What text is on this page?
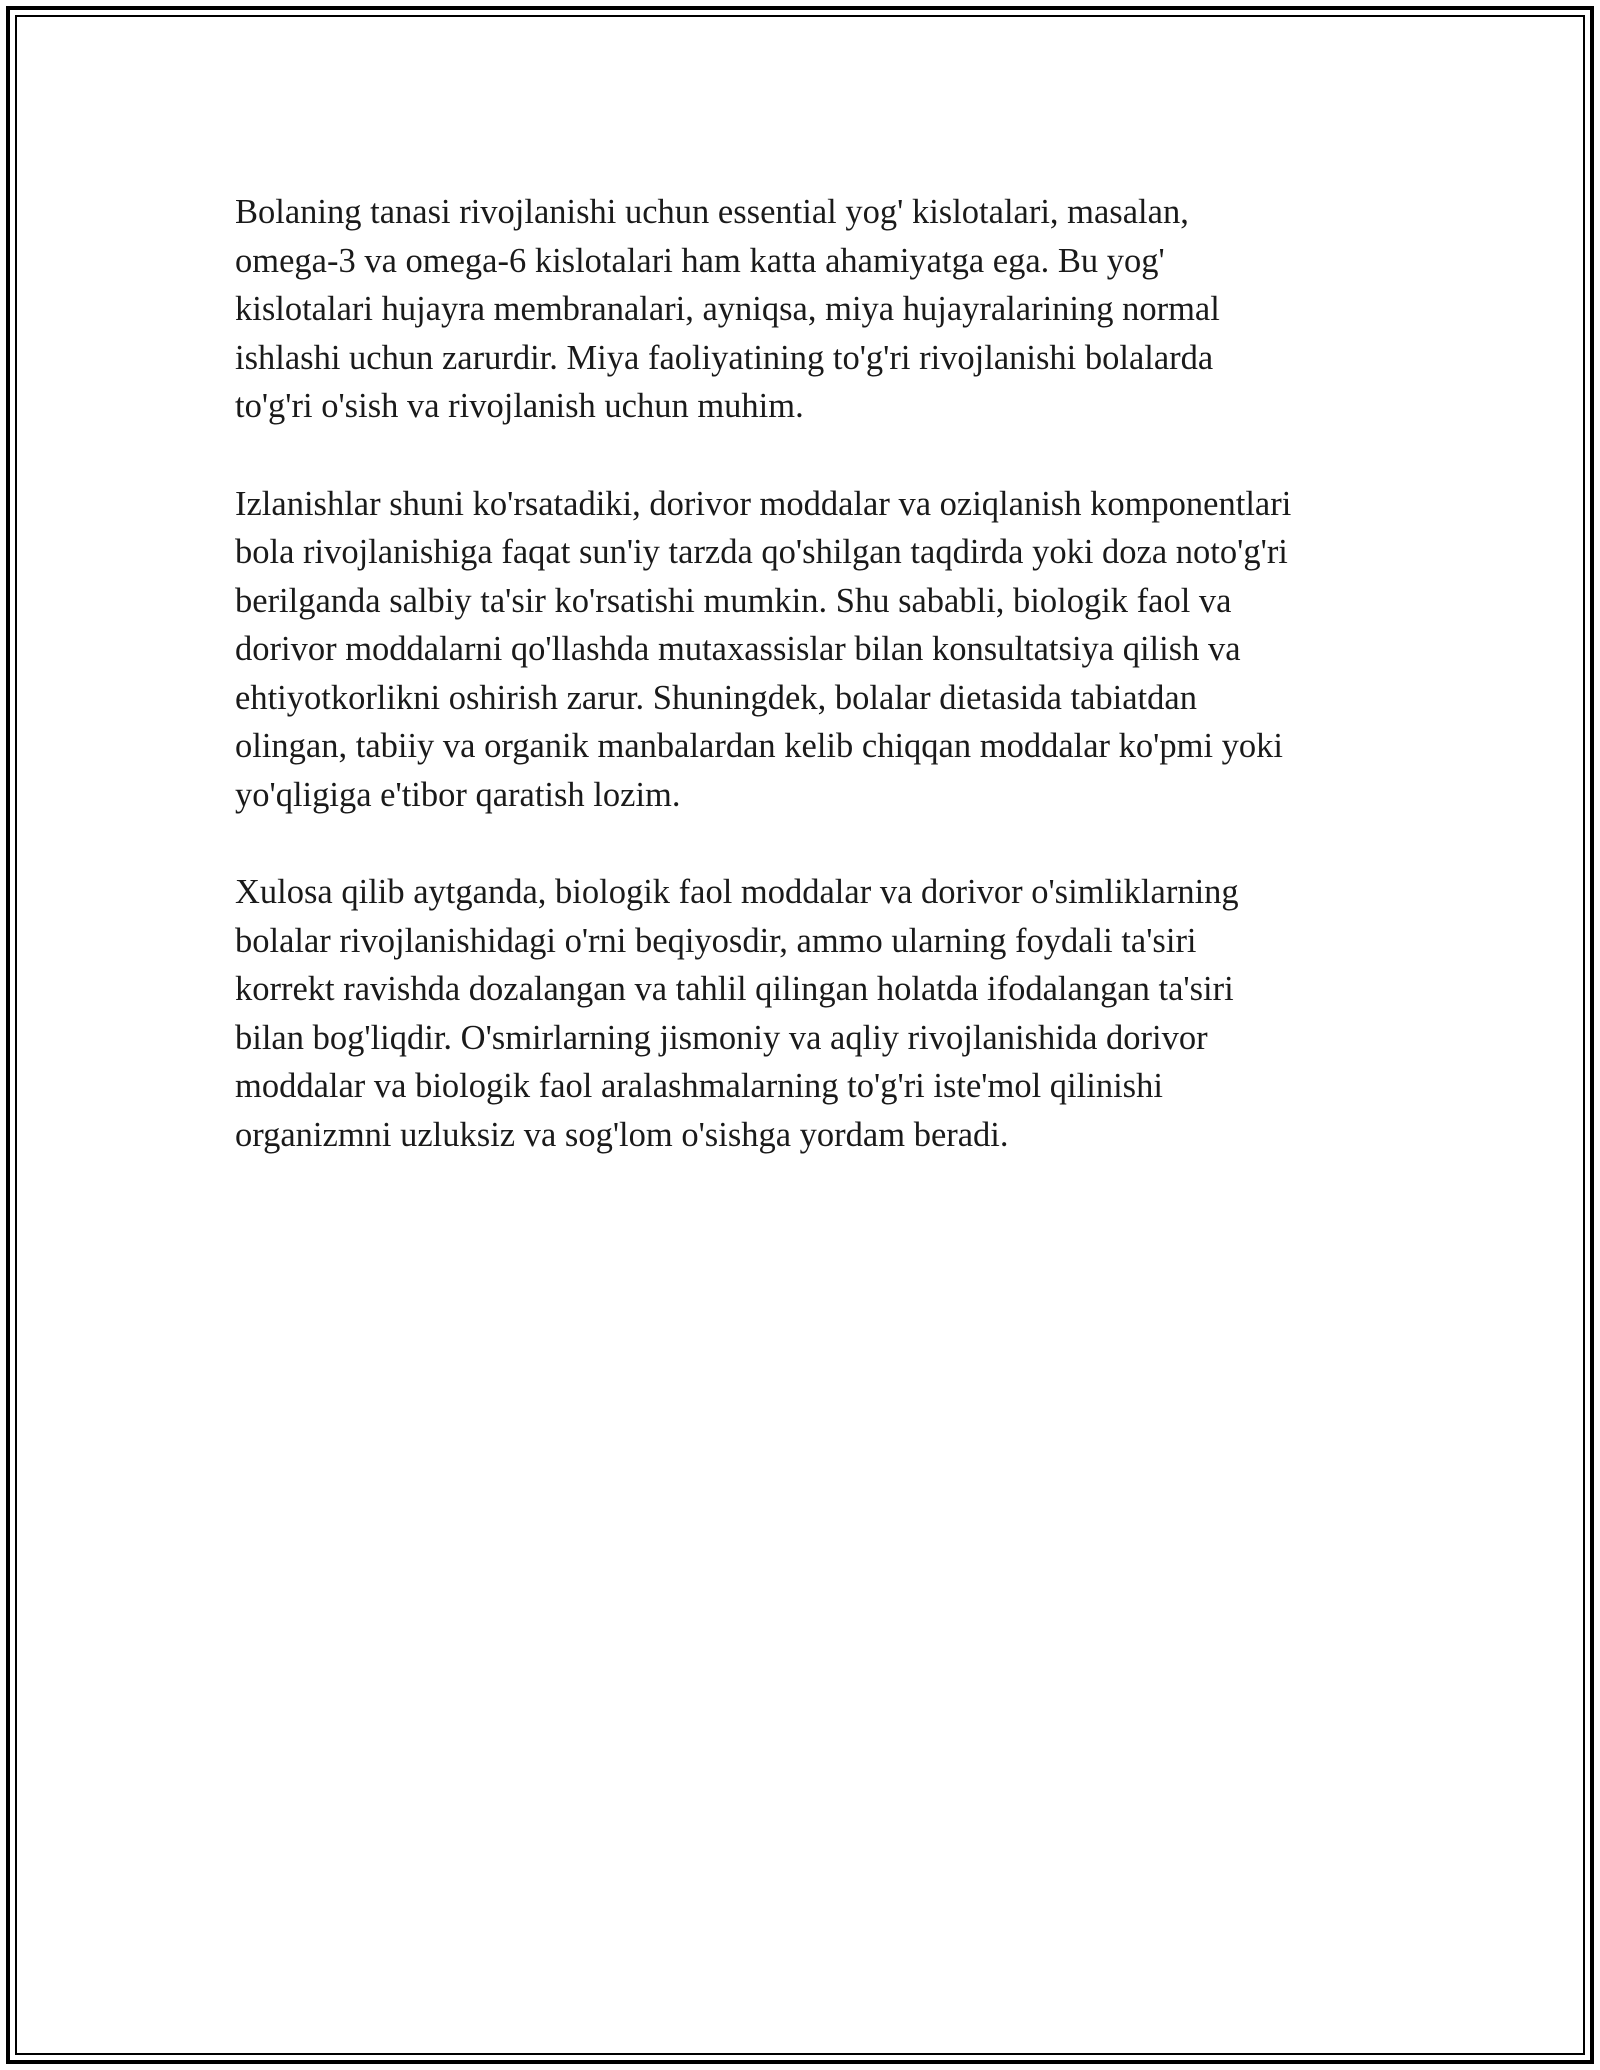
Bolaning tanasi rivojlanishi uchun essential yog' kislotalari, masalan,
omega-3 va omega-6 kislotalari ham katta ahamiyatga ega. Bu yog'
kislotalari hujayra membranalari, ayniqsa, miya hujayralarining normal
ishlashi uchun zarurdir. Miya faoliyatining to'g'ri rivojlanishi bolalarda
to'g'ri o'sish va rivojlanish uchun muhim.

Izlanishlar shuni ko'rsatadiki, dorivor moddalar va oziqlanish komponentlari
bola rivojlanishiga faqat sun'iy tarzda qo'shilgan taqdirda yoki doza noto'g'ri
berilganda salbiy ta'sir ko'rsatishi mumkin. Shu sababli, biologik faol va
dorivor moddalarni qo'llashda mutaxassislar bilan konsultatsiya qilish va
ehtiyotkorlikni oshirish zarur. Shuningdek, bolalar dietasida tabiatdan
olingan, tabiiy va organik manbalardan kelib chiqqan moddalar ko'pmi yoki
yo'qligiga e'tibor qaratish lozim.

Xulosa qilib aytganda, biologik faol moddalar va dorivor o'simliklarning
bolalar rivojlanishidagi o'rni beqiyosdir, ammo ularning foydali ta'siri
korrekt ravishda dozalangan va tahlil qilingan holatda ifodalangan ta'siri
bilan bog'liqdir. O'smirlarning jismoniy va aqliy rivojlanishida dorivor
moddalar va biologik faol aralashmalarning to'g'ri iste'mol qilinishi
organizmni uzluksiz va sog'lom o'sishga yordam beradi.
